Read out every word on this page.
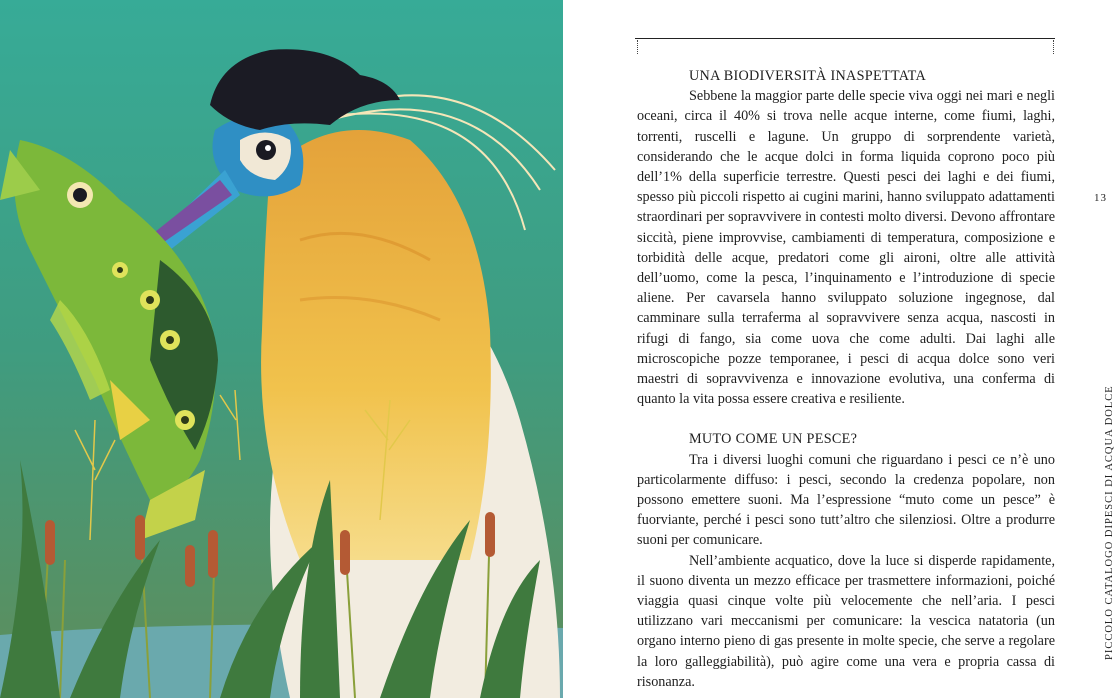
UNA BIODIVERSITÀ INASPETTATA

Sebbene la maggior parte delle specie viva oggi nei mari e negli oceani, circa il 40% si trova nelle acque interne, come fiumi, laghi, torrenti, ruscelli e lagune. Un gruppo di sorprendente varietà, considerando che le acque dolci in forma liquida coprono poco più dell’1% della superficie terrestre. Questi pesci dei laghi e dei fiumi, spesso più piccoli rispetto ai cugini marini, hanno sviluppato adattamenti straordinari per sopravvivere in contesti molto diversi. Devono affrontare siccità, piene improvvise, cambiamenti di temperatura, composizione e torbidità delle acque, predatori come gli aironi, oltre alle attività dell’uomo, come la pesca, l’inquinamento e l’introduzione di specie aliene. Per cavarsela hanno sviluppato soluzione ingegnose, dal camminare sulla terraferma al sopravvivere senza acqua, nascosti in rifugi di fango, sia come uova che come adulti. Dai laghi alle microscopiche pozze temporanee, i pesci di acqua dolce sono veri maestri di sopravvivenza e innovazione evolutiva, una conferma di quanto la vita possa essere creativa e resiliente.

MUTO COME UN PESCE?

Tra i diversi luoghi comuni che riguardano i pesci ce n’è uno particolarmente diffuso: i pesci, secondo la credenza popolare, non possono emettere suoni. Ma l’espressione “muto come un pesce” è fuorviante, perché i pesci sono tutt’altro che silenziosi. Oltre a produrre suoni per comunicare.

Nell’ambiente acquatico, dove la luce si disperde rapidamente, il suono diventa un mezzo efficace per trasmettere informazioni, poiché viaggia quasi cinque volte più velocemente che nell’aria. I pesci utilizzano vari meccanismi per comunicare: la vescica natatoria (un organo interno pieno di gas presente in molte specie, che serve a regolare la loro galleggiabilità), può agire come una vera e propria cassa di risonanza.

13
PICCOLO CATALOGO DIPESCI DI ACQUA DOLCE
